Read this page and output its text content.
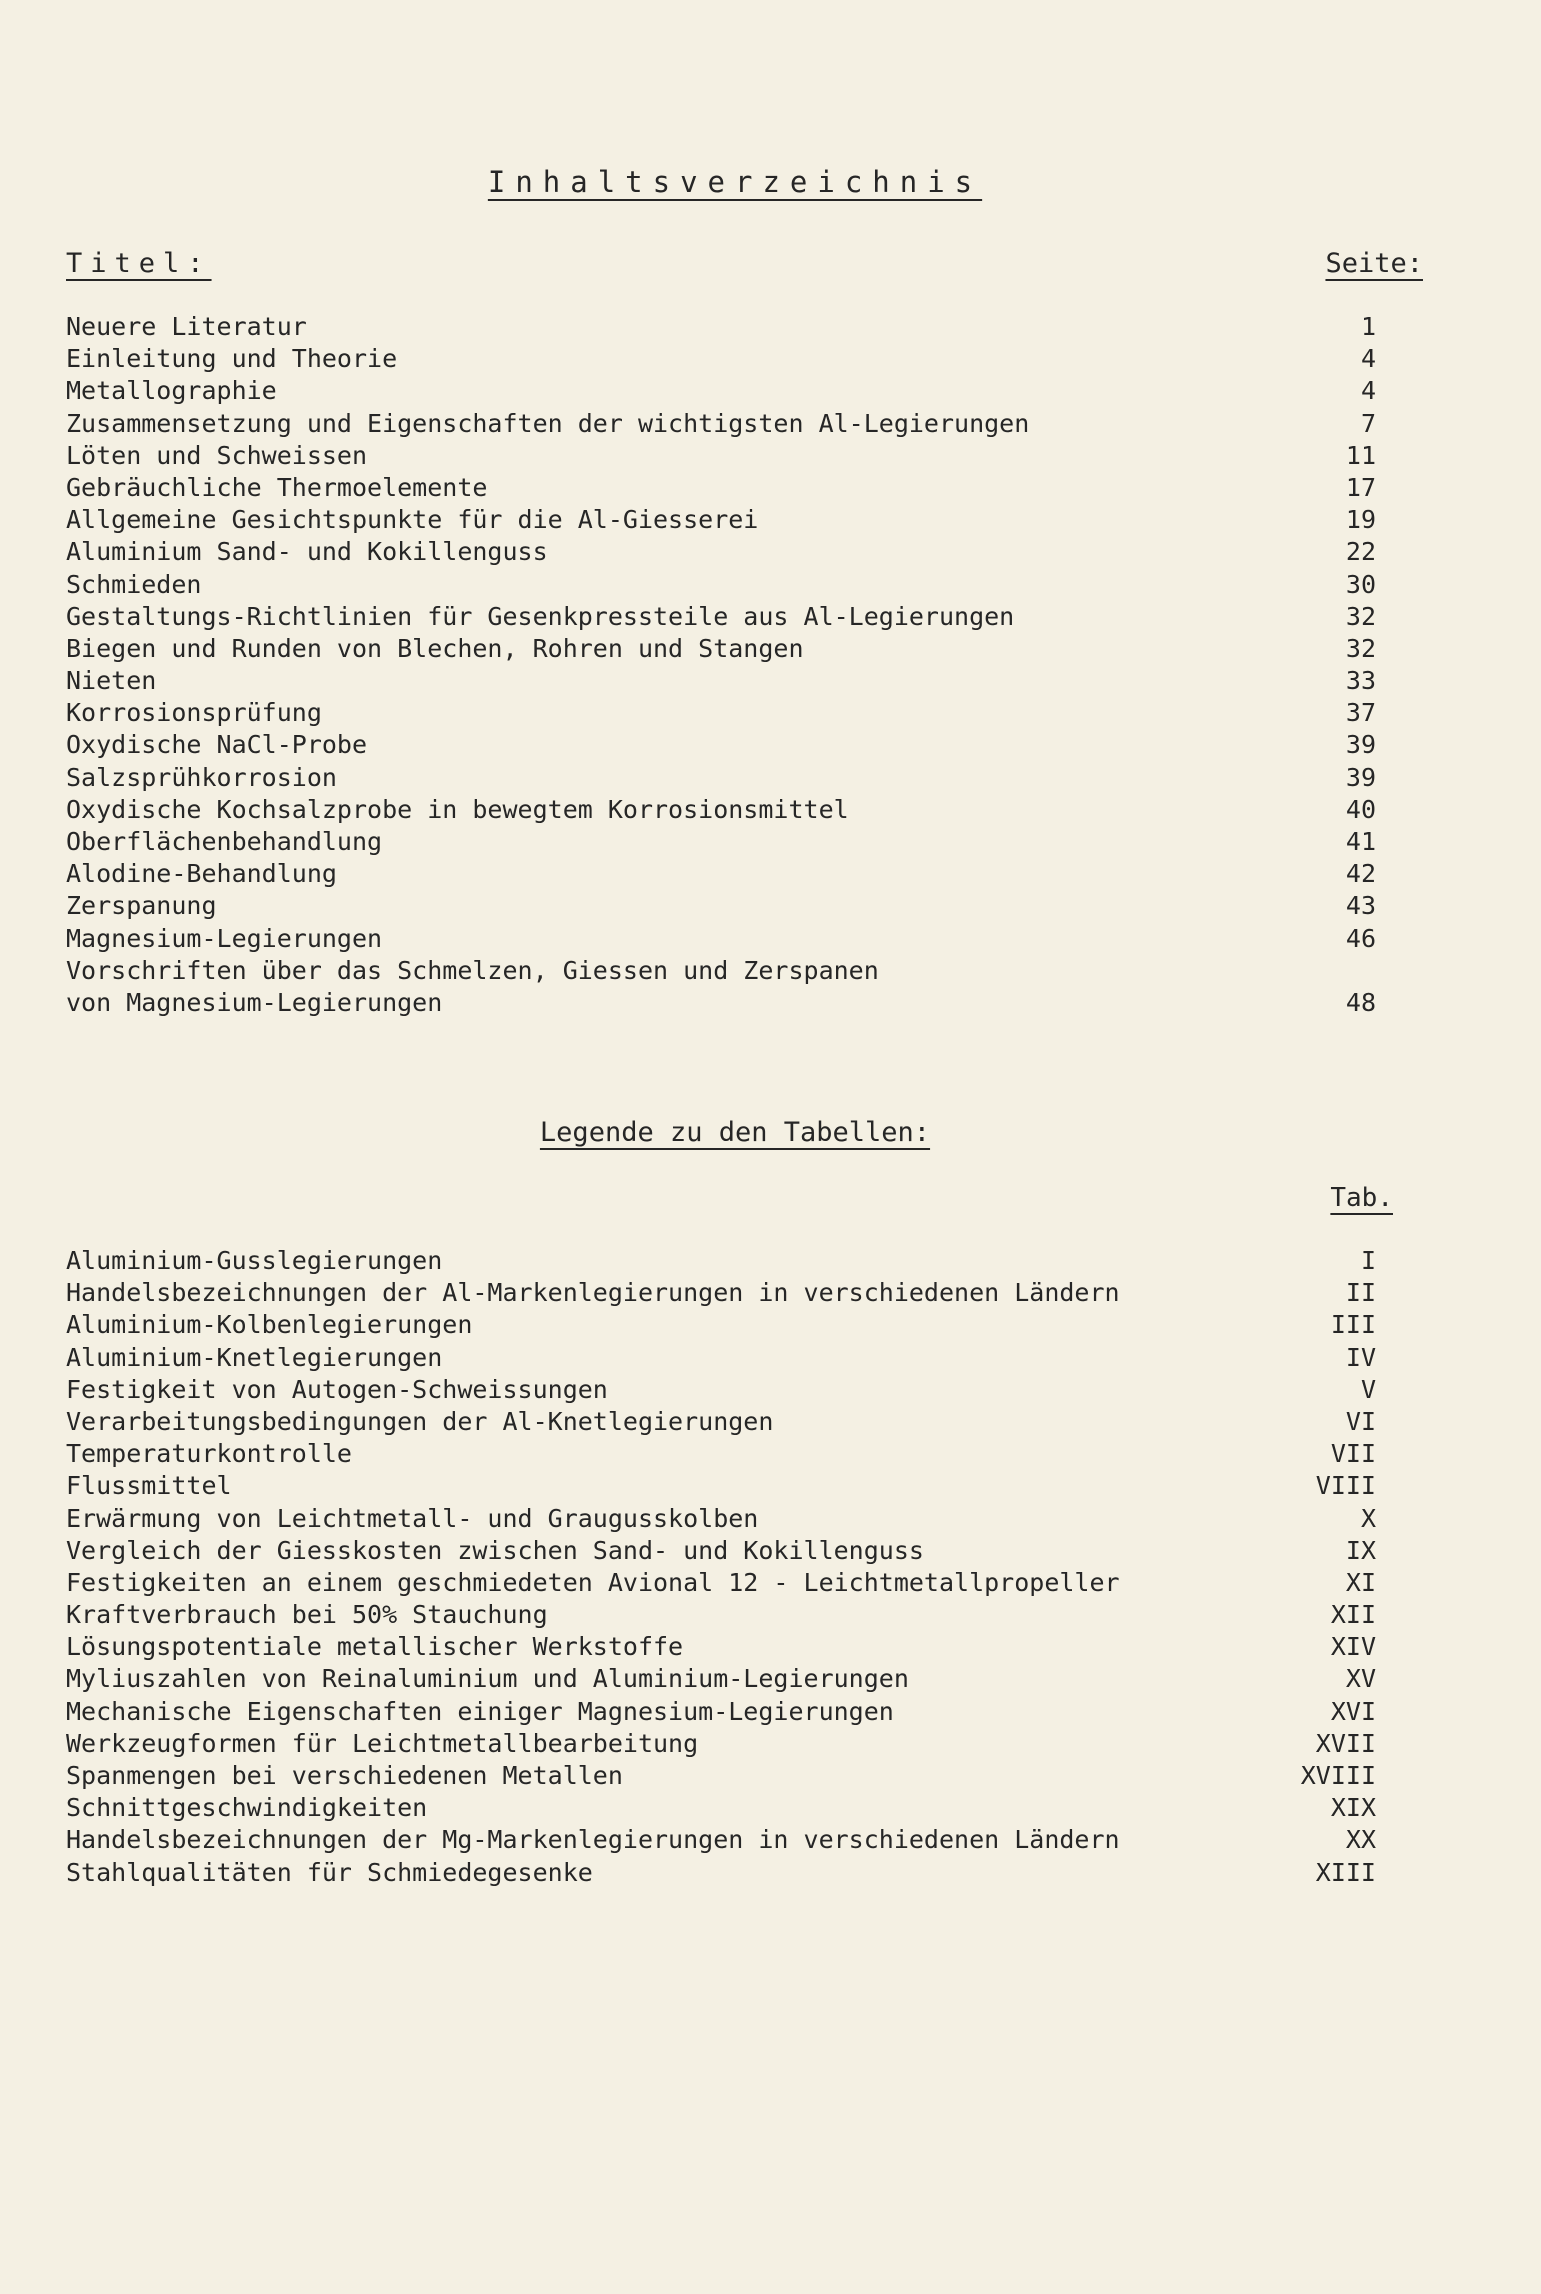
Inhaltsverzeichnis
Titel:	Seite:
Neuere Literatur	1
Einleitung und Theorie	4
Metallographie	4
Zusammensetzung und Eigenschaften der wichtigsten Al-Legierungen	7
Löten und Schweissen	11
Gebräuchliche Thermoelemente	17
Allgemeine Gesichtspunkte für die Al-Giesserei	19
Aluminium Sand- und Kokillenguss	22
Schmieden	30
Gestaltungs-Richtlinien für Gesenkpressteile aus Al-Legierungen	32
Biegen und Runden von Blechen, Rohren und Stangen	32
Nieten	33
Korrosionsprüfung	37
Oxydische NaCl-Probe	39
Salzsprühkorrosion	39
Oxydische Kochsalzprobe in bewegtem Korrosionsmittel	40
Oberflächenbehandlung	41
Alodine-Behandlung	42
Zerspanung	43
Magnesium-Legierungen	46
Vorschriften über das Schmelzen, Giessen und Zerspanen
von Magnesium-Legierungen	48
Legende zu den Tabellen:
Tab.
Aluminium-Gusslegierungen	I
Handelsbezeichnungen der Al-Markenlegierungen in verschiedenen Ländern	II
Aluminium-Kolbenlegierungen	III
Aluminium-Knetlegierungen	IV
Festigkeit von Autogen-Schweissungen	V
Verarbeitungsbedingungen der Al-Knetlegierungen	VI
Temperaturkontrolle	VII
Flussmittel	VIII
Erwärmung von Leichtmetall- und Graugusskolben	X
Vergleich der Giesskosten zwischen Sand- und Kokillenguss	IX
Festigkeiten an einem geschmiedeten Avional 12 - Leichtmetallpropeller	XI
Kraftverbrauch bei 50% Stauchung	XII
Lösungspotentiale metallischer Werkstoffe	XIV
Myliuszahlen von Reinaluminium und Aluminium-Legierungen	XV
Mechanische Eigenschaften einiger Magnesium-Legierungen	XVI
Werkzeugformen für Leichtmetallbearbeitung	XVII
Spanmengen bei verschiedenen Metallen	XVIII
Schnittgeschwindigkeiten	XIX
Handelsbezeichnungen der Mg-Markenlegierungen in verschiedenen Ländern	XX
Stahlqualitäten für Schmiedegesenke	XIII
